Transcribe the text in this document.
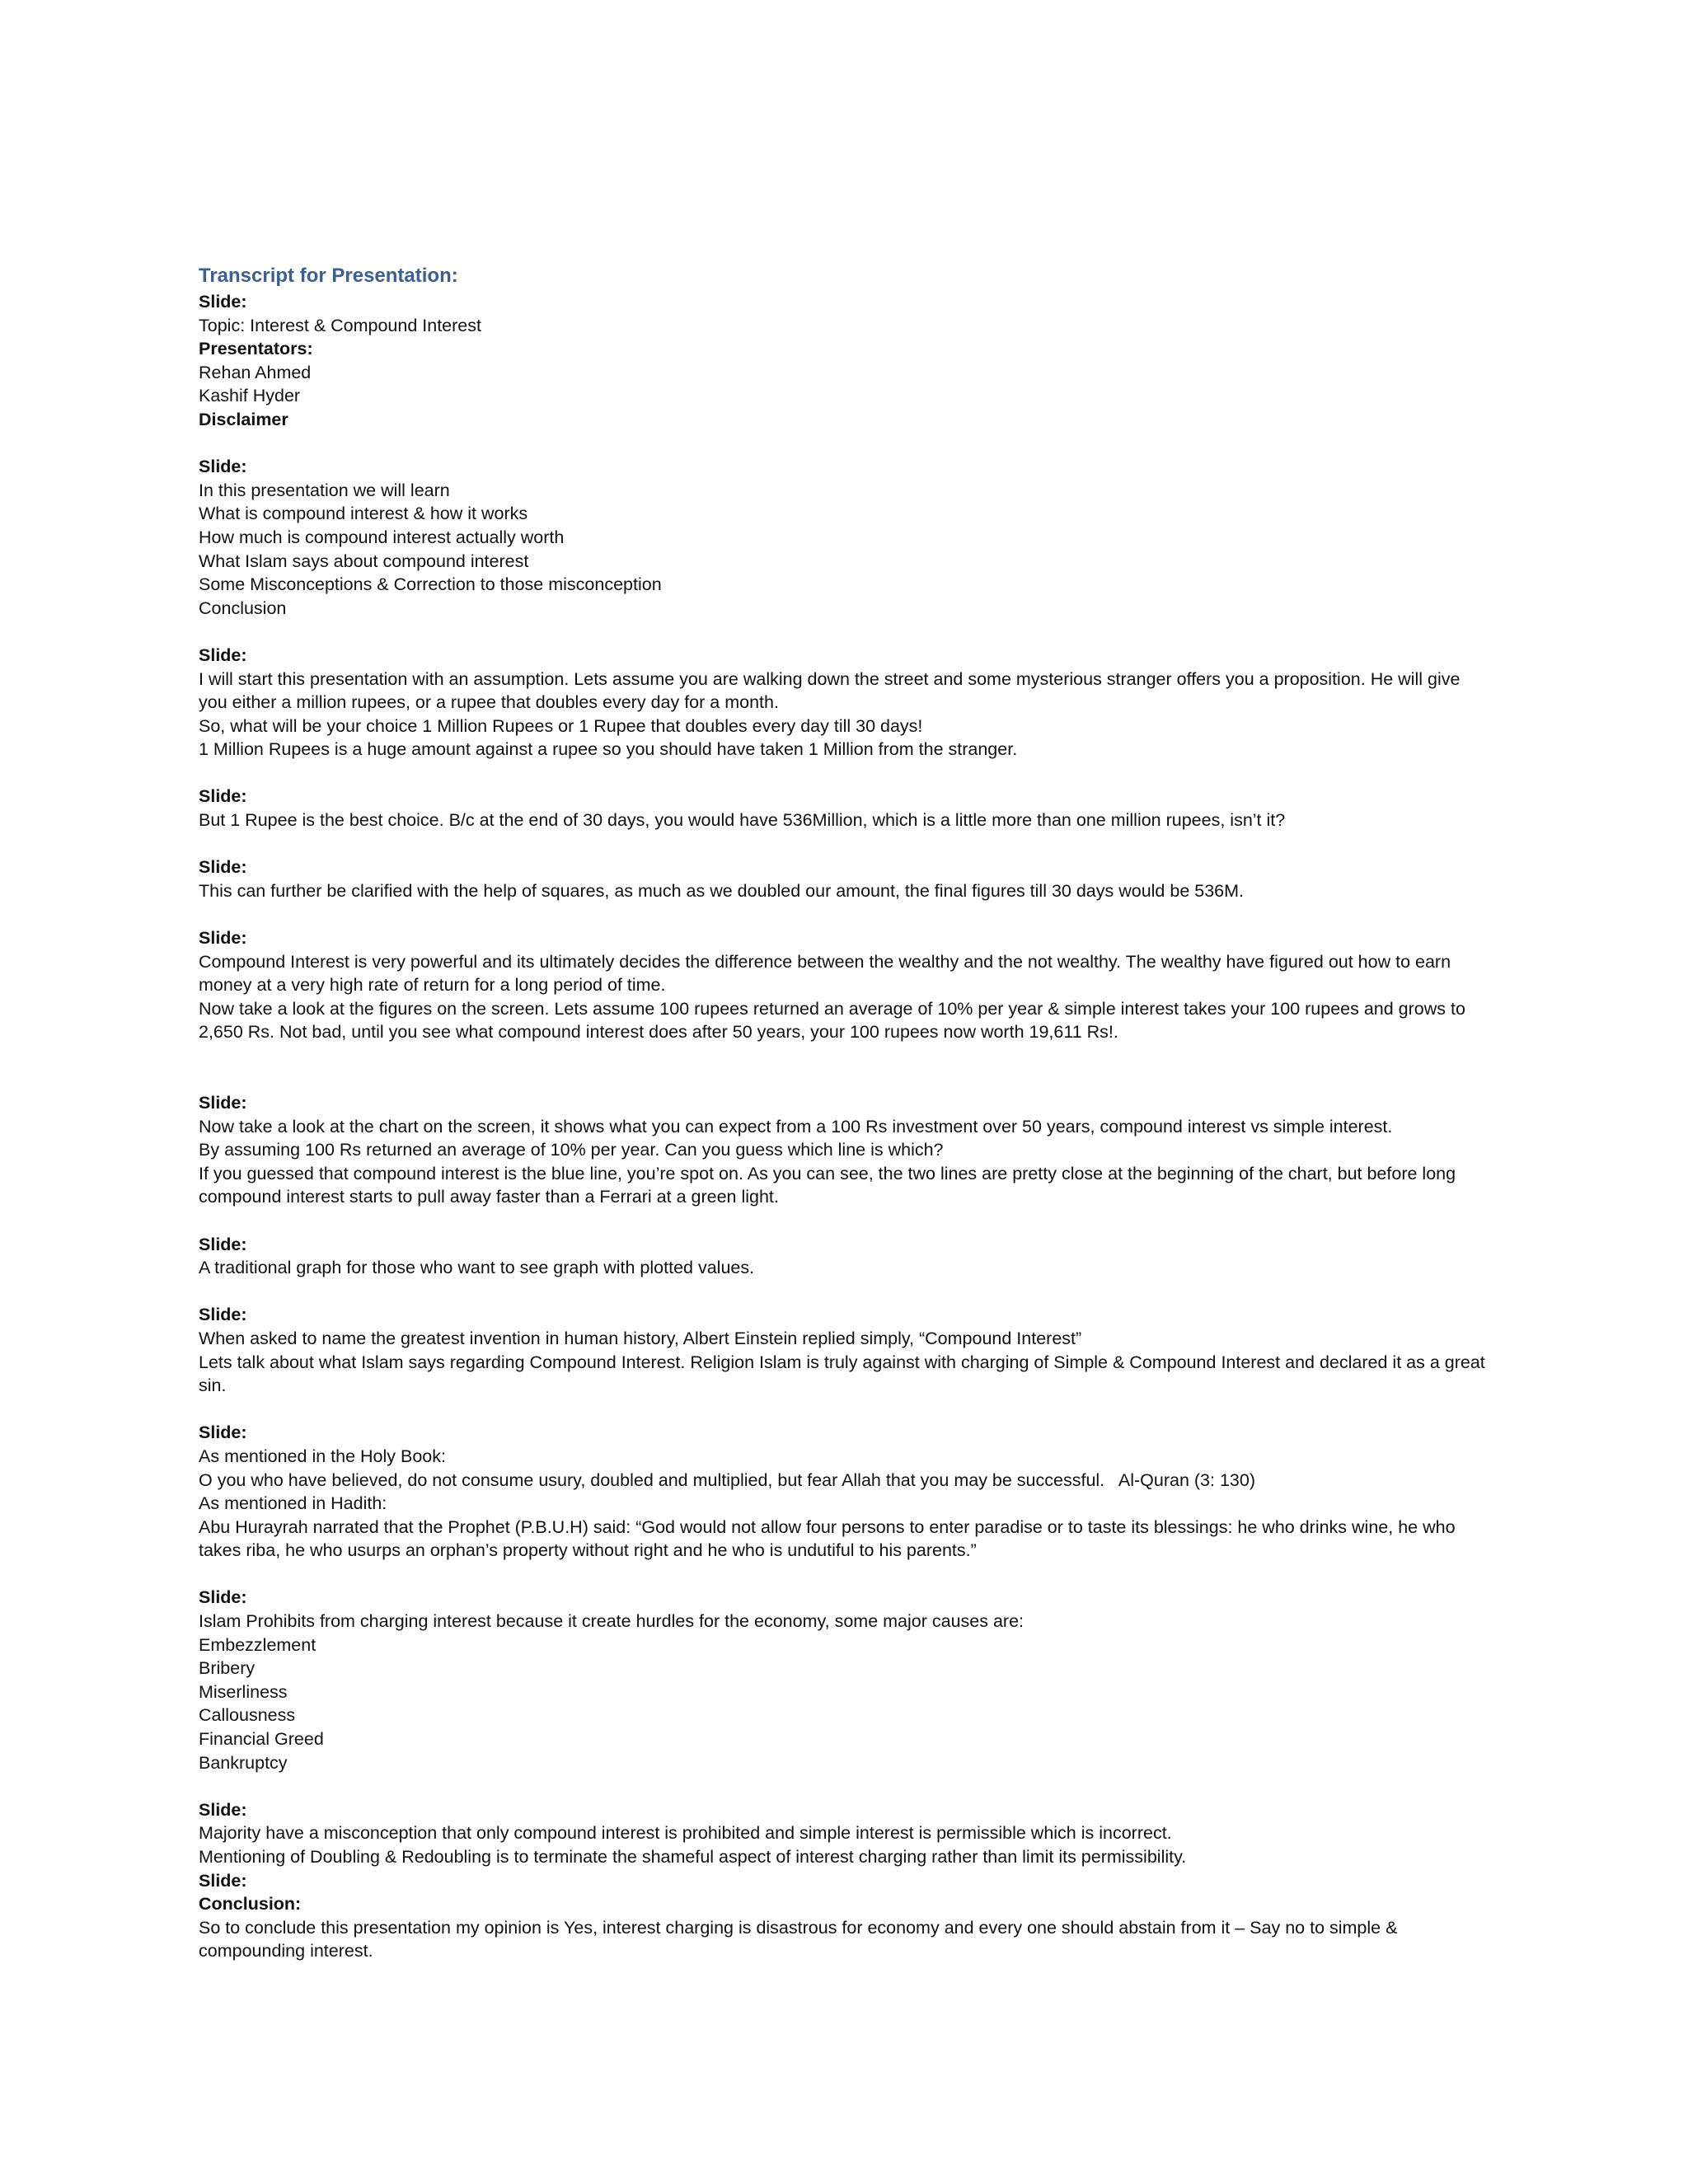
Transcript for Presentation:
Slide:
Topic: Interest & Compound Interest
Presentators:
Rehan Ahmed
Kashif Hyder
Disclaimer
Slide:
In this presentation we will learn
What is compound interest & how it works
How much is compound interest actually worth
What Islam says about compound interest
Some Misconceptions & Correction to those misconception
Conclusion
Slide:
I will start this presentation with an assumption. Lets assume you are walking down the street and some mysterious stranger offers you a proposition. He will give you either a million rupees, or a rupee that doubles every day for a month.
So, what will be your choice 1 Million Rupees or 1 Rupee that doubles every day till 30 days!
1 Million Rupees is a huge amount against a rupee so you should have taken 1 Million from the stranger.
Slide:
But 1 Rupee is the best choice. B/c at the end of 30 days, you would have 536Million, which is a little more than one million rupees, isn’t it?
Slide:
This can further be clarified with the help of squares, as much as we doubled our amount, the final figures till 30 days would be 536M.
Slide:
Compound Interest is very powerful and its ultimately decides the difference between the wealthy and the not wealthy. The wealthy have figured out how to earn money at a very high rate of return for a long period of time.
Now take a look at the figures on the screen. Lets assume 100 rupees returned an average of 10% per year & simple interest takes your 100 rupees and grows to 2,650 Rs. Not bad, until you see what compound interest does after 50 years, your 100 rupees now worth 19,611 Rs!.
Slide:
Now take a look at the chart on the screen, it shows what you can expect from a 100 Rs investment over 50 years, compound interest vs simple interest.
By assuming 100 Rs returned an average of 10% per year. Can you guess which line is which?
If you guessed that compound interest is the blue line, you’re spot on. As you can see, the two lines are pretty close at the beginning of the chart, but before long compound interest starts to pull away faster than a Ferrari at a green light.
Slide:
A traditional graph for those who want to see graph with plotted values.
Slide:
When asked to name the greatest invention in human history, Albert Einstein replied simply, “Compound Interest”
Lets talk about what Islam says regarding Compound Interest. Religion Islam is truly against with charging of Simple & Compound Interest and declared it as a great sin.
Slide:
As mentioned in the Holy Book:
O you who have believed, do not consume usury, doubled and multiplied, but fear Allah that you may be successful.   Al-Quran (3: 130)
As mentioned in Hadith:
Abu Hurayrah narrated that the Prophet (P.B.U.H) said: “God would not allow four persons to enter paradise or to taste its blessings: he who drinks wine, he who takes riba, he who usurps an orphan’s property without right and he who is undutiful to his parents.”
Slide:
Islam Prohibits from charging interest because it create hurdles for the economy, some major causes are:
Embezzlement
Bribery
Miserliness
Callousness
Financial Greed
Bankruptcy
Slide:
Majority have a misconception that only compound interest is prohibited and simple interest is permissible which is incorrect.
Mentioning of Doubling & Redoubling is to terminate the shameful aspect of interest charging rather than limit its permissibility.
Slide:
Conclusion:
So to conclude this presentation my opinion is Yes, interest charging is disastrous for economy and every one should abstain from it – Say no to simple & compounding interest.
